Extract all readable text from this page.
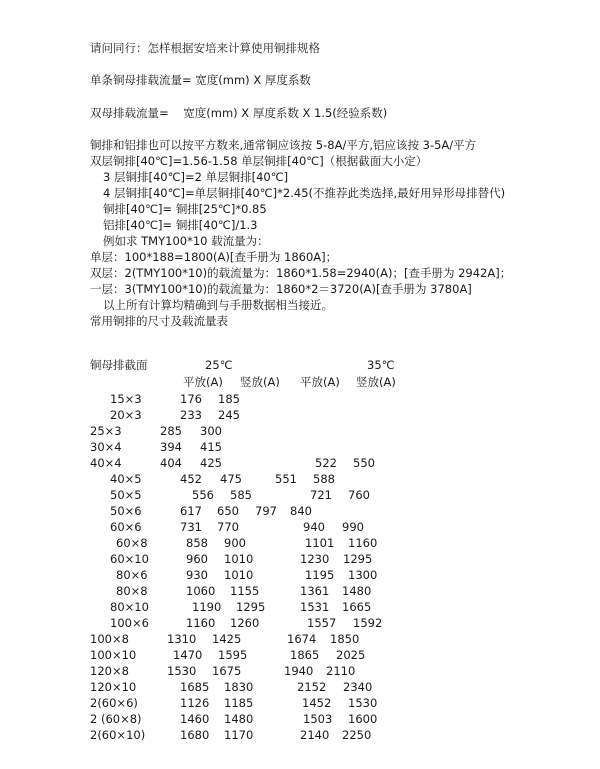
请问同行：怎样根据安培来计算使用铜排规格
单条铜母排载流量= 宽度(mm) X 厚度系数
双母排载流量=    宽度(mm) X 厚度系数 X 1.5(经验系数)
铜排和铝排也可以按平方数来,通常铜应该按 5-8A/平方,铝应该按 3-5A/平方
双层铜排[40℃]=1.56-1.58 单层铜排[40℃]（根据截面大小定）
3 层铜排[40℃]=2 单层铜排[40℃]
4 层铜排[40℃]=单层铜排[40℃]*2.45(不推荐此类选择,最好用异形母排替代)
铜排[40℃]= 铜排[25℃]*0.85
铝排[40℃]= 铜排[40℃]/1.3
例如求 TMY100*10 载流量为：
单层：100*188=1800(A)[查手册为 1860A]；
双层：2(TMY100*10)的载流量为：1860*1.58=2940(A)；[查手册为 2942A]；
一层：3(TMY100*10)的载流量为：1860*2＝3720(A)[查手册为 3780A]
以上所有计算均精确到与手册数据相当接近。
常用铜排的尺寸及载流量表
铜母排截面	25℃	35℃
平放(A) 竖放(A) 平放(A) 竖放(A)
15×3	176 185
20×3	233 245
25×3	285 300
30×4	394 415
40×4	404 425	522 550
40×5	452 475	551 588
50×5	556 585	721 760
50×6	617 650 797 840
60×6	731 770	940 990
60×8	858 900	1101 1160
60×10	960 1010	1230 1295
80×6	930 1010	1195 1300
80×8	1060 1155	1361 1480
80×10	1190 1295	1531 1665
100×6	1160 1260	1557 1592
100×8	1310 1425	1674 1850
100×10	1470 1595	1865 2025
120×8	1530 1675	1940 2110
120×10	1685 1830	2152 2340
2(60×6)	1126 1185	1452 1530
2 (60×8)	1460 1480	1503 1600
2(60×10)	1680 1170	2140 2250
